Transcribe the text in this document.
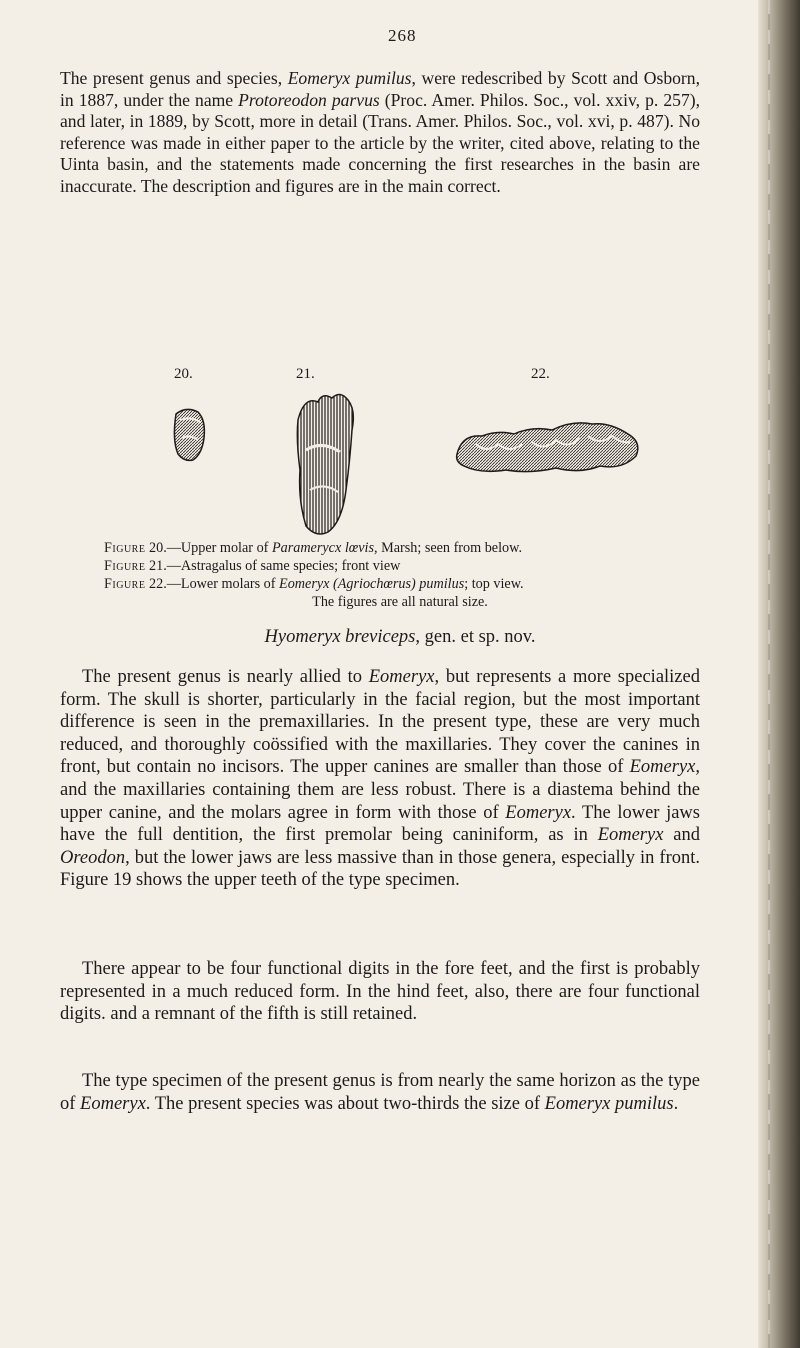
268

The present genus and species, Eomeryx pumilus, were redescribed by Scott and Osborn, in 1887, under the name Protoreodon parvus (Proc. Amer. Philos. Soc., vol. xxiv, p. 257), and later, in 1889, by Scott, more in detail (Trans. Amer. Philos. Soc., vol. xvi, p. 487). No reference was made in either paper to the article by the writer, cited above, relating to the Uinta basin, and the statements made concerning the first researches in the basin are inaccurate. The description and figures are in the main correct.

20.	21.	22.
Figure 20.—Upper molar of Paramerycx lœvis, Marsh; seen from below.
Figure 21.—Astragalus of same species; front view
Figure 22.—Lower molars of Eomeryx (Agriochœrus) pumilus; top view.
The figures are all natural size.
Hyomeryx breviceps, gen. et sp. nov.

The present genus is nearly allied to Eomeryx, but represents a more specialized form. The skull is shorter, particularly in the facial region, but the most important difference is seen in the premaxillaries. In the present type, these are very much reduced, and thoroughly coössified with the maxillaries. They cover the canines in front, but contain no incisors. The upper canines are smaller than those of Eomeryx, and the maxillaries containing them are less robust. There is a diastema behind the upper canine, and the molars agree in form with those of Eomeryx. The lower jaws have the full dentition, the first premolar being caniniform, as in Eomeryx and Oreodon, but the lower jaws are less massive than in those genera, especially in front. Figure 19 shows the upper teeth of the type specimen.

There appear to be four functional digits in the fore feet, and the first is probably represented in a much reduced form. In the hind feet, also, there are four functional digits. and a remnant of the fifth is still retained.

The type specimen of the present genus is from nearly the same horizon as the type of Eomeryx. The present species was about two-thirds the size of Eomeryx pumilus.
